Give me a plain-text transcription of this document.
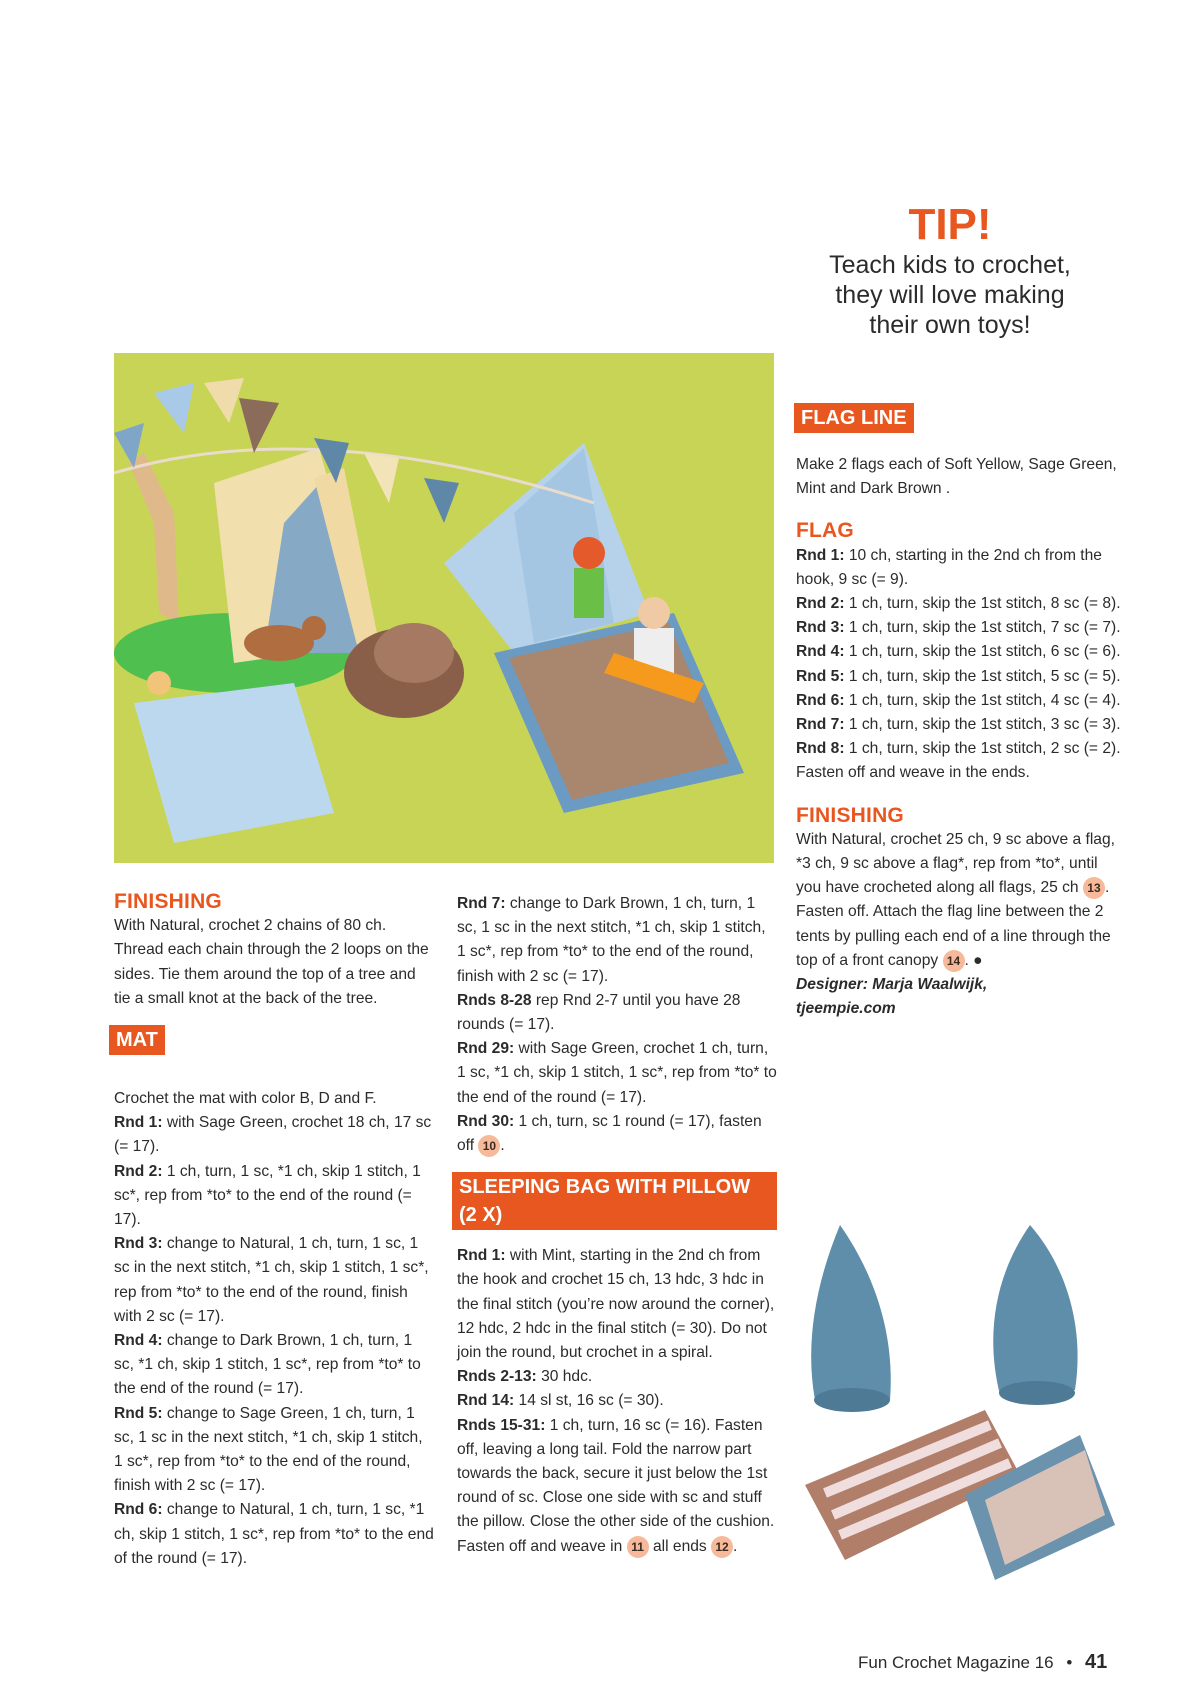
TIP!
Teach kids to crochet,
they will love making
their own toys!
FINISHING

With Natural, crochet 2 chains of 80 ch. Thread each chain through the 2 loops on the sides. Tie them around the top of a tree and tie a small knot at the back of the tree.

MAT

Crochet the mat with color B, D and F.

Rnd 1: with Sage Green, crochet 18 ch, 17 sc (= 17).

Rnd 2: 1 ch, turn, 1 sc, *1 ch, skip 1 stitch, 1 sc*, rep from *to* to the end of the round (= 17).

Rnd 3: change to Natural, 1 ch, turn, 1 sc, 1 sc in the next stitch, *1 ch, skip 1 stitch, 1 sc*, rep from *to* to the end of the round, finish with 2 sc (= 17).

Rnd 4: change to Dark Brown, 1 ch, turn, 1 sc, *1 ch, skip 1 stitch, 1 sc*, rep from *to* to the end of the round (= 17).

Rnd 5: change to Sage Green, 1 ch, turn, 1 sc, 1 sc in the next stitch, *1 ch, skip 1 stitch, 1 sc*, rep from *to* to the end of the round, finish with 2 sc (= 17).

Rnd 6: change to Natural, 1 ch, turn, 1 sc, *1 ch, skip 1 stitch, 1 sc*, rep from *to* to the end of the round (= 17).

Rnd 7: change to Dark Brown, 1 ch, turn, 1 sc, 1 sc in the next stitch, *1 ch, skip 1 stitch, 1 sc*, rep from *to* to the end of the round, finish with 2 sc (= 17).

Rnds 8-28 rep Rnd 2-7 until you have 28 rounds (= 17).

Rnd 29: with Sage Green, crochet 1 ch, turn, 1 sc, *1 ch, skip 1 stitch, 1 sc*, rep from *to* to the end of the round (= 17).

Rnd 30: 1 ch, turn, sc 1 round (= 17), fasten off 10 .

SLEEPING BAG WITH PILLOW (2 X)

Rnd 1: with Mint, starting in the 2nd ch from the hook and crochet 15 ch, 13 hdc, 3 hdc in the final stitch (you’re now around the corner), 12 hdc, 2 hdc in the final stitch (= 30). Do not join the round, but crochet in a spiral.

Rnds 2-13: 30 hdc.

Rnd 14: 14 sl st, 16 sc (= 30).

Rnds 15-31: 1 ch, turn, 16 sc (= 16). Fasten off, leaving a long tail. Fold the narrow part towards the back, secure it just below the 1st round of sc. Close one side with sc and stuff the pillow. Close the other side of the cushion. Fasten off and weave in 11 all ends 12 .

FLAG LINE

Make 2 flags each of Soft Yellow, Sage Green, Mint and Dark Brown .

FLAG

Rnd 1: 10 ch, starting in the 2nd ch from the hook, 9 sc (= 9).

Rnd 2: 1 ch, turn, skip the 1st stitch, 8 sc (= 8).

Rnd 3: 1 ch, turn, skip the 1st stitch, 7 sc (= 7).

Rnd 4: 1 ch, turn, skip the 1st stitch, 6 sc (= 6).

Rnd 5: 1 ch, turn, skip the 1st stitch, 5 sc (= 5).

Rnd 6: 1 ch, turn, skip the 1st stitch, 4 sc (= 4).

Rnd 7: 1 ch, turn, skip the 1st stitch, 3 sc (= 3).

Rnd 8: 1 ch, turn, skip the 1st stitch, 2 sc (= 2). Fasten off and weave in the ends.

FINISHING

With Natural, crochet 25 ch, 9 sc above a flag, *3 ch, 9 sc above a flag*, rep from *to*, until you have crocheted along all flags, 25 ch 13 . Fasten off. Attach the flag line between the 2 tents by pulling each end of a line through the top of a front canopy 14 . ●

Designer: Marja Waalwijk,

tjeempie.com

Fun Crochet Magazine 16 • 41
